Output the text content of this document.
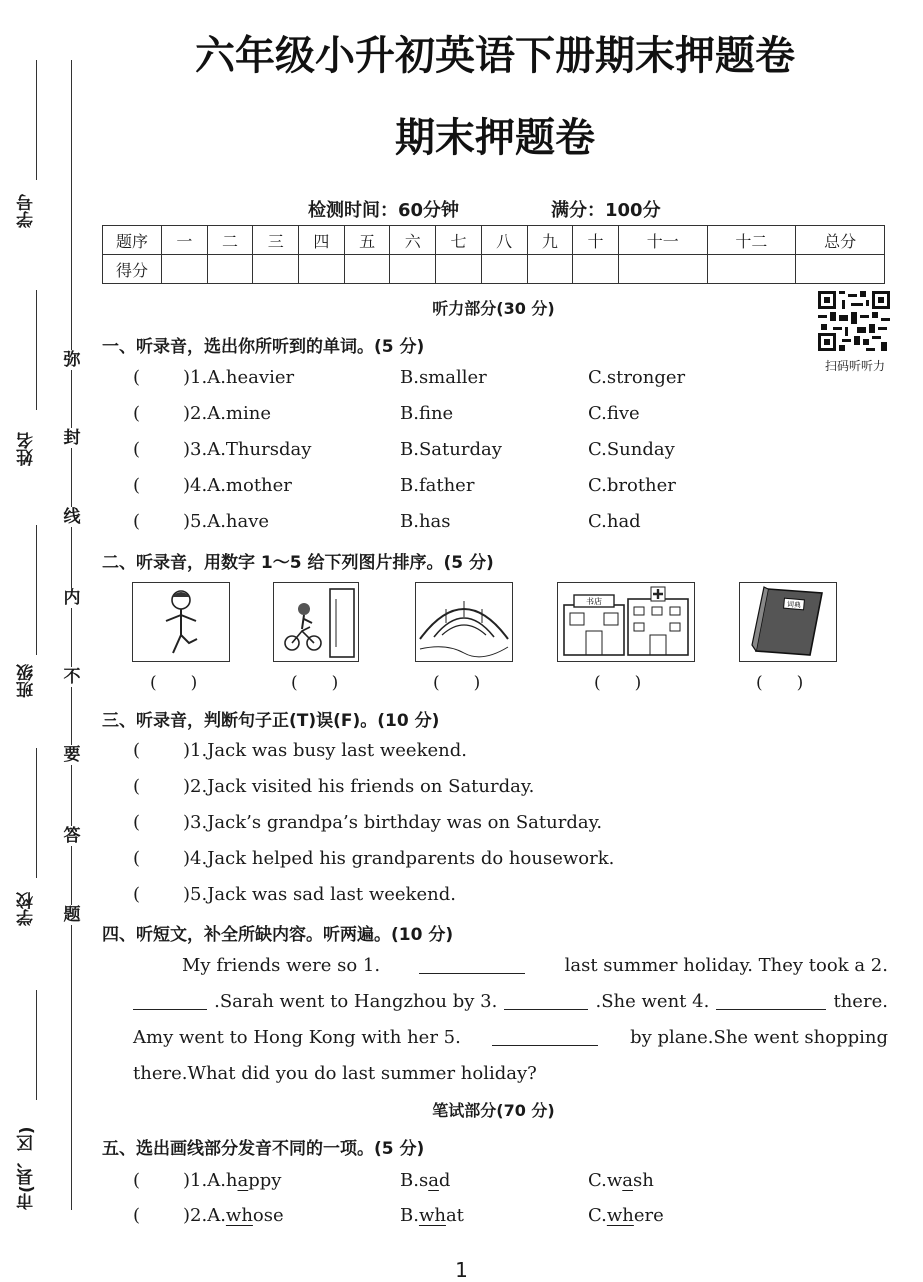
学号
姓名
班级
学校
市(县、区)
弥
封
线
内
不
要
答
题
六年级小升初英语下册期末押题卷
期末押题卷
检测时间：60分钟	满分：100分
题序	一	二	三	四	五	六	七	八	九	十	十一	十二	总分
得分													
扫码听听力
听力部分(30 分)
一、听录音，选出你所听到的单词。(5 分)
( )1.A.heavier	B.smaller	C.stronger
( )2.A.mine	B.fine	C.five
( )3.A.Thursday	B.Saturday	C.Sunday
( )4.A.mother	B.father	C.brother
( )5.A.have	B.has	C.had
二、听录音，用数字 1～5 给下列图片排序。(5 分)
书店	词典
(　　)	(　　)	(　　)	(　　)	(　　)
三、听录音，判断句子正(T)误(F)。(10 分)
( )1.Jack was busy last weekend.
( )2.Jack visited his friends on Saturday.
( )3.Jack’s grandpa’s birthday was on Saturday.
( )4.Jack helped his grandparents do housework.
( )5.Jack was sad last weekend.
四、听短文，补全所缺内容。听两遍。(10 分)
My friends were so 1.	last summer holiday. They took a 2.
.Sarah went to Hangzhou by 3.	.She went 4.	there.
Amy went to Hong Kong with her 5.	by plane.She went shopping
there.What did you do last summer holiday?
笔试部分(70 分)
五、选出画线部分发音不同的一项。(5 分)
( )1.A.happy	B.sad	C.wash
( )2.A.whose	B.what	C.where
1
